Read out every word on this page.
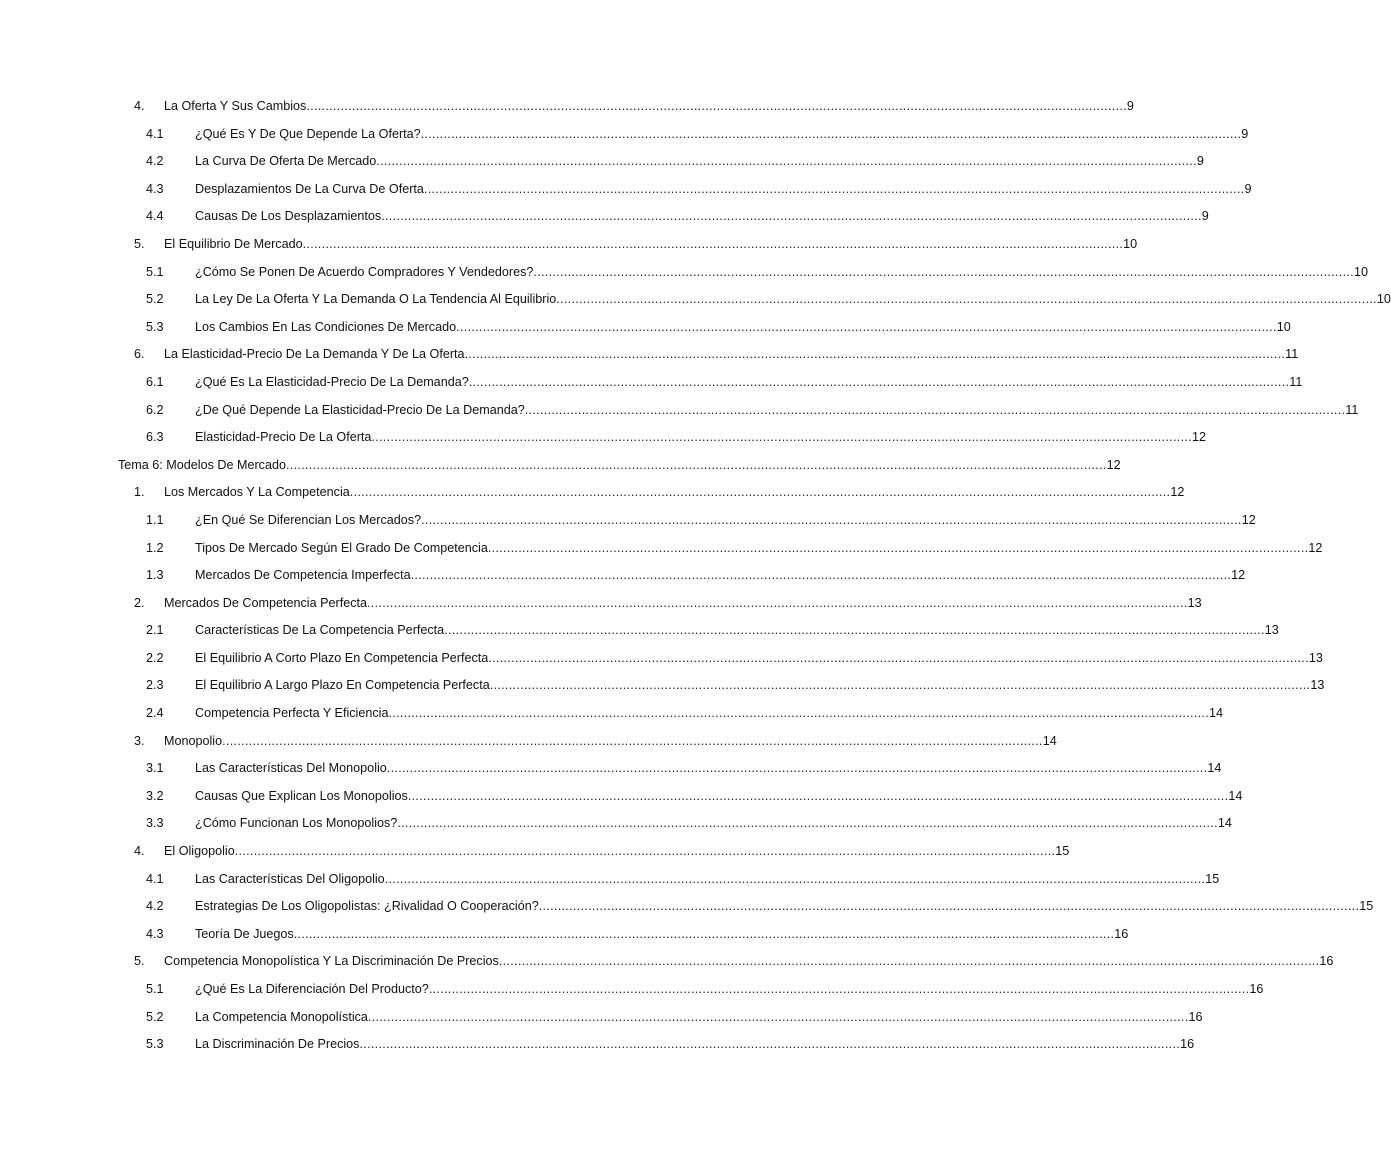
4. La Oferta Y Sus Cambios ........................................................................................................................................................................................................................ 9
4.1 ¿Qué Es Y De Que Depende La Oferta? ........................................................................................................................................................................................................................ 9
4.2 La Curva De Oferta De Mercado ........................................................................................................................................................................................................................ 9
4.3 Desplazamientos De La Curva De Oferta ........................................................................................................................................................................................................................ 9
4.4 Causas De Los Desplazamientos ........................................................................................................................................................................................................................ 9
5. El Equilibrio De Mercado ........................................................................................................................................................................................................................ 10
5.1 ¿Cómo Se Ponen De Acuerdo Compradores Y Vendedores? ........................................................................................................................................................................................................................ 10
5.2 La Ley De La Oferta Y La Demanda O La Tendencia Al Equilibrio ........................................................................................................................................................................................................................ 10
5.3 Los Cambios En Las Condiciones De Mercado ........................................................................................................................................................................................................................ 10
6. La Elasticidad-Precio De La Demanda Y De La Oferta ........................................................................................................................................................................................................................ 11
6.1 ¿Qué Es La Elasticidad-Precio De La Demanda? ........................................................................................................................................................................................................................ 11
6.2 ¿De Qué Depende La Elasticidad-Precio De La Demanda? ........................................................................................................................................................................................................................ 11
6.3 Elasticidad-Precio De La Oferta ........................................................................................................................................................................................................................ 12
Tema 6: Modelos De Mercado ........................................................................................................................................................................................................................ 12
1. Los Mercados Y La Competencia ........................................................................................................................................................................................................................ 12
1.1 ¿En Qué Se Diferencian Los Mercados? ........................................................................................................................................................................................................................ 12
1.2 Tipos De Mercado Según El Grado De Competencia ........................................................................................................................................................................................................................ 12
1.3 Mercados De Competencia Imperfecta ........................................................................................................................................................................................................................ 12
2. Mercados De Competencia Perfecta ........................................................................................................................................................................................................................ 13
2.1 Características De La Competencia Perfecta ........................................................................................................................................................................................................................ 13
2.2 El Equilibrio A Corto Plazo En Competencia Perfecta ........................................................................................................................................................................................................................ 13
2.3 El Equilibrio A Largo Plazo En Competencia Perfecta ........................................................................................................................................................................................................................ 13
2.4 Competencia Perfecta Y Eficiencia ........................................................................................................................................................................................................................ 14
3. Monopolio ........................................................................................................................................................................................................................ 14
3.1 Las Características Del Monopolio ........................................................................................................................................................................................................................ 14
3.2 Causas Que Explican Los Monopolios ........................................................................................................................................................................................................................ 14
3.3 ¿Cómo Funcionan Los Monopolios? ........................................................................................................................................................................................................................ 14
4. El Oligopolio ........................................................................................................................................................................................................................ 15
4.1 Las Características Del Oligopolio ........................................................................................................................................................................................................................ 15
4.2 Estrategias De Los Oligopolistas: ¿Rivalidad O Cooperación? ........................................................................................................................................................................................................................ 15
4.3 Teoría De Juegos ........................................................................................................................................................................................................................ 16
5. Competencia Monopolística Y La Discriminación De Precios ........................................................................................................................................................................................................................ 16
5.1 ¿Qué Es La Diferenciación Del Producto? ........................................................................................................................................................................................................................ 16
5.2 La Competencia Monopolística ........................................................................................................................................................................................................................ 16
5.3 La Discriminación De Precios ........................................................................................................................................................................................................................ 16
